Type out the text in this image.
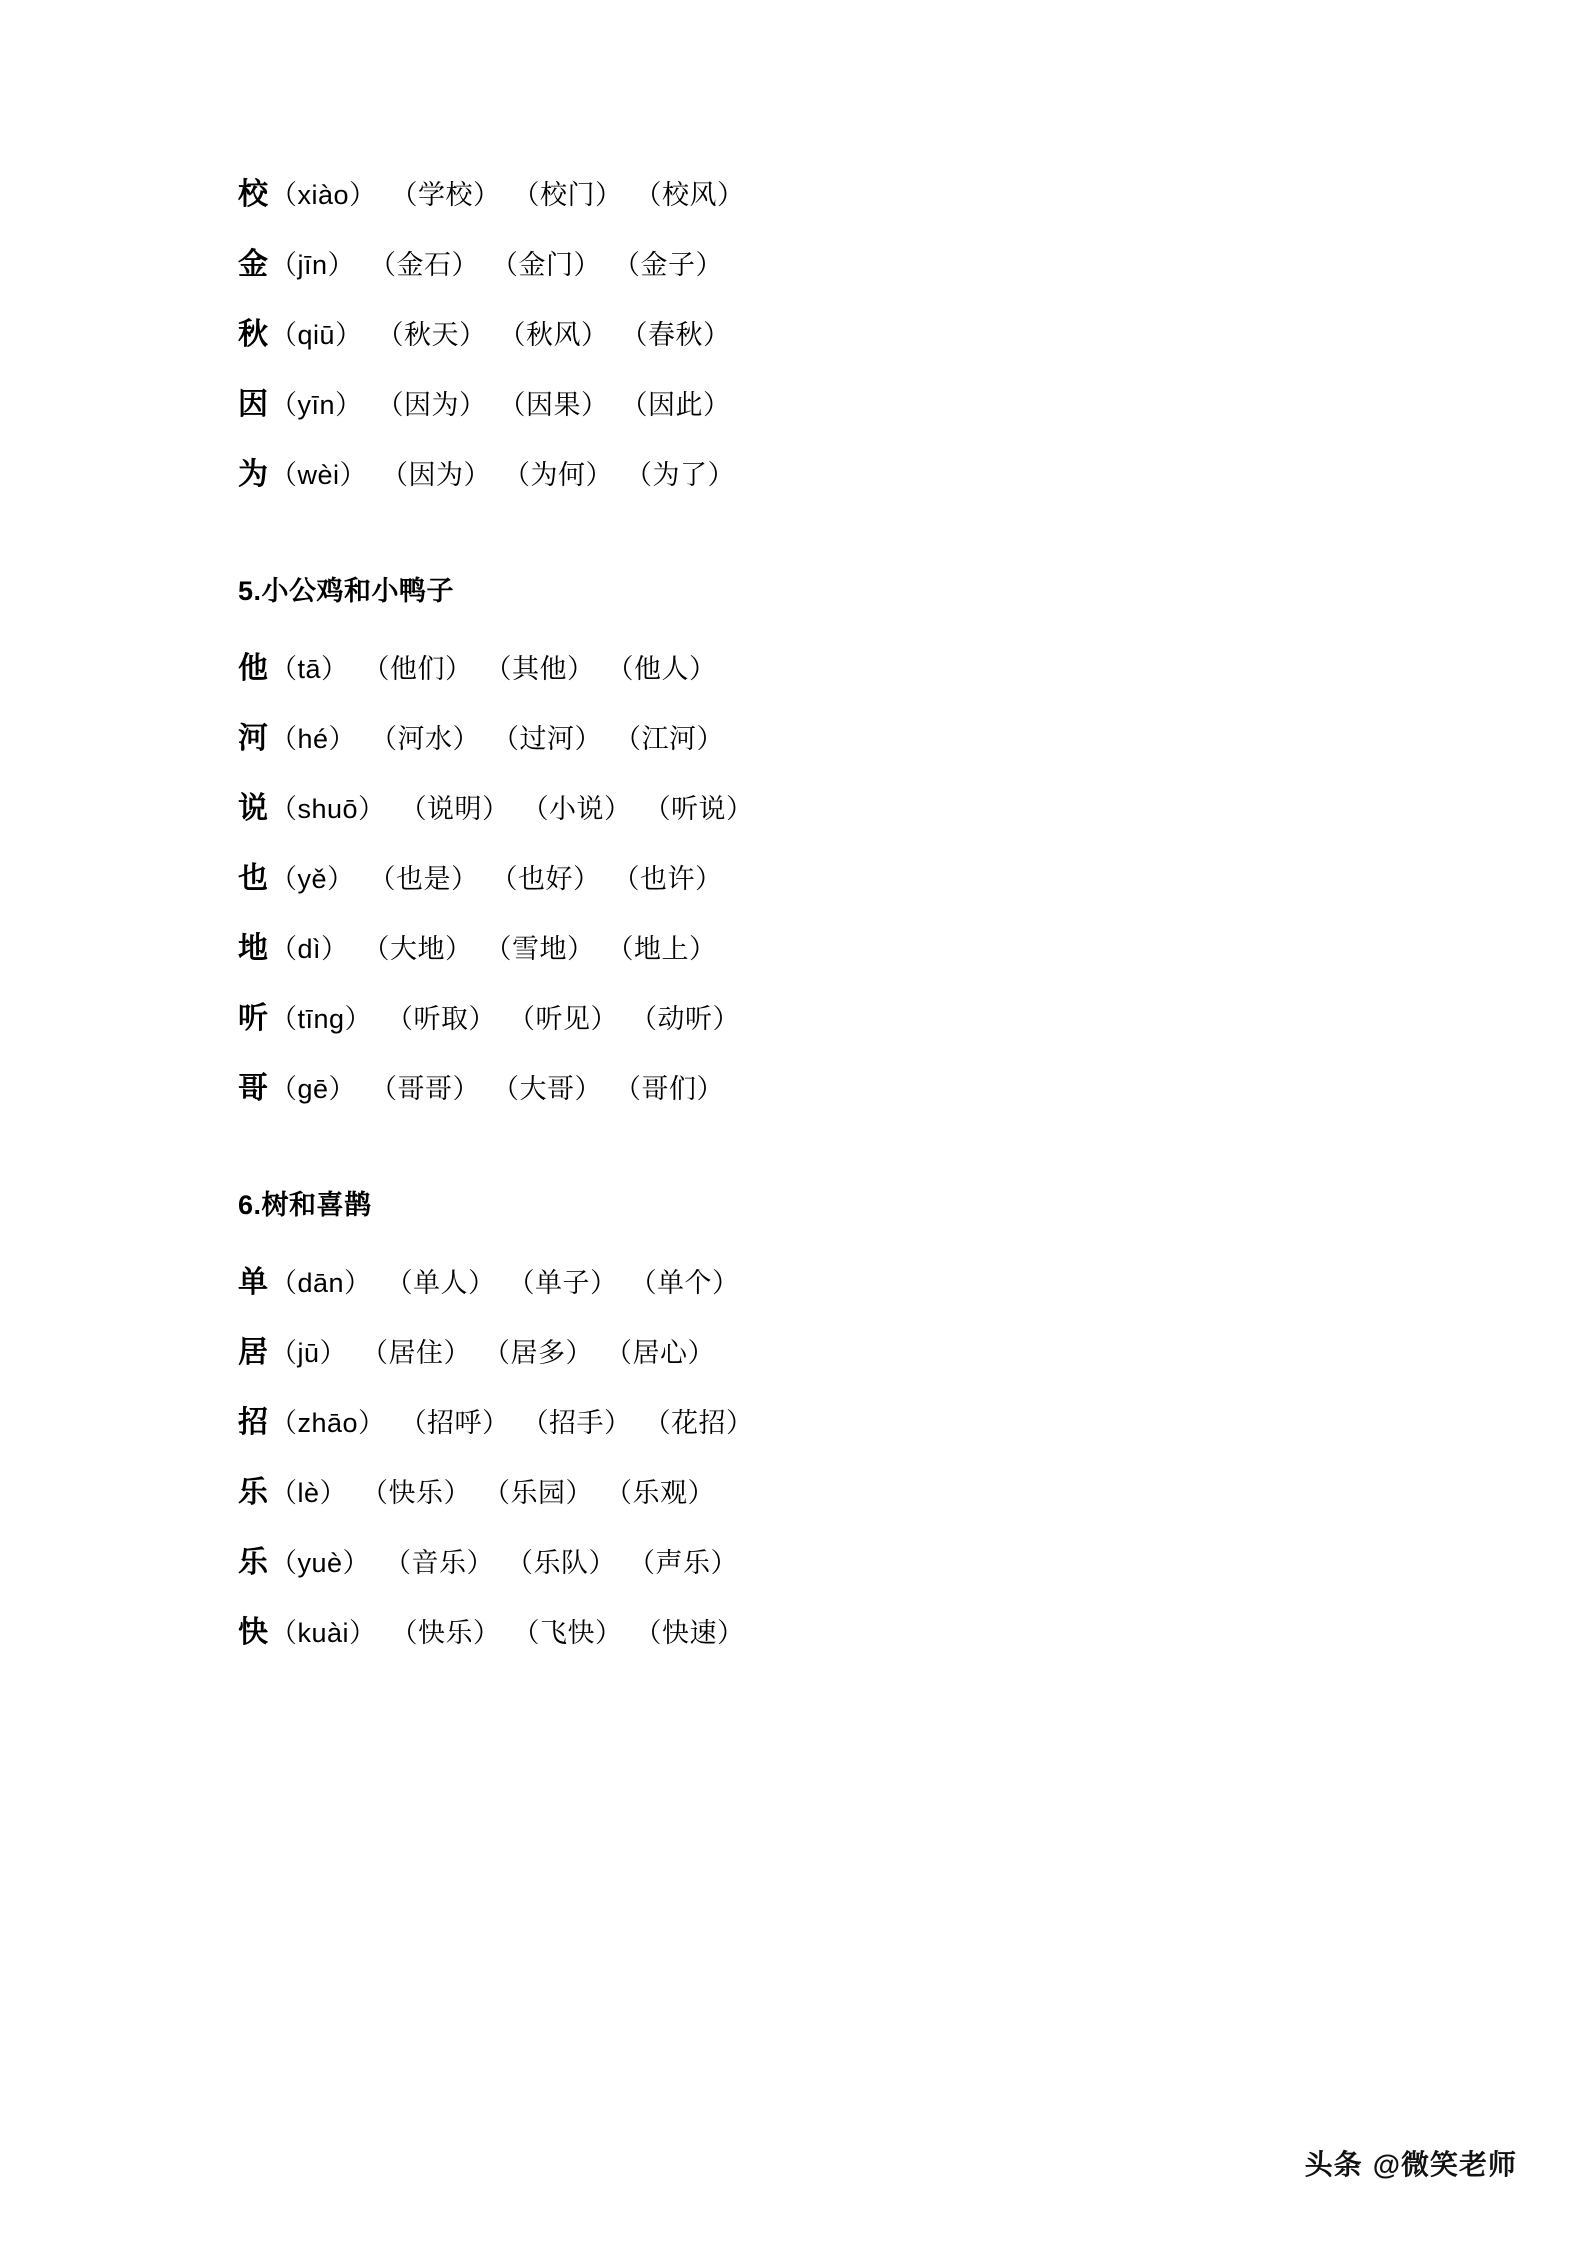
校 （xiào） （学校） （校门） （校风）
金 （jīn） （金石） （金门） （金子）
秋 （qiū） （秋天） （秋风） （春秋）
因 （yīn） （因为） （因果） （因此）
为 （wèi） （因为） （为何） （为了）
5.小公鸡和小鸭子
他 （tā） （他们） （其他） （他人）
河 （hé） （河水） （过河） （江河）
说 （shuō） （说明） （小说） （听说）
也 （yě） （也是） （也好） （也许）
地 （dì） （大地） （雪地） （地上）
听 （tīng） （听取） （听见） （动听）
哥 （gē） （哥哥） （大哥） （哥们）
6.树和喜鹊
单 （dān） （单人） （单子） （单个）
居 （jū） （居住） （居多） （居心）
招 （zhāo） （招呼） （招手） （花招）
乐 （lè） （快乐） （乐园） （乐观）
乐 （yuè） （音乐） （乐队） （声乐）
快 （kuài） （快乐） （飞快） （快速）
头条 @微笑老师
